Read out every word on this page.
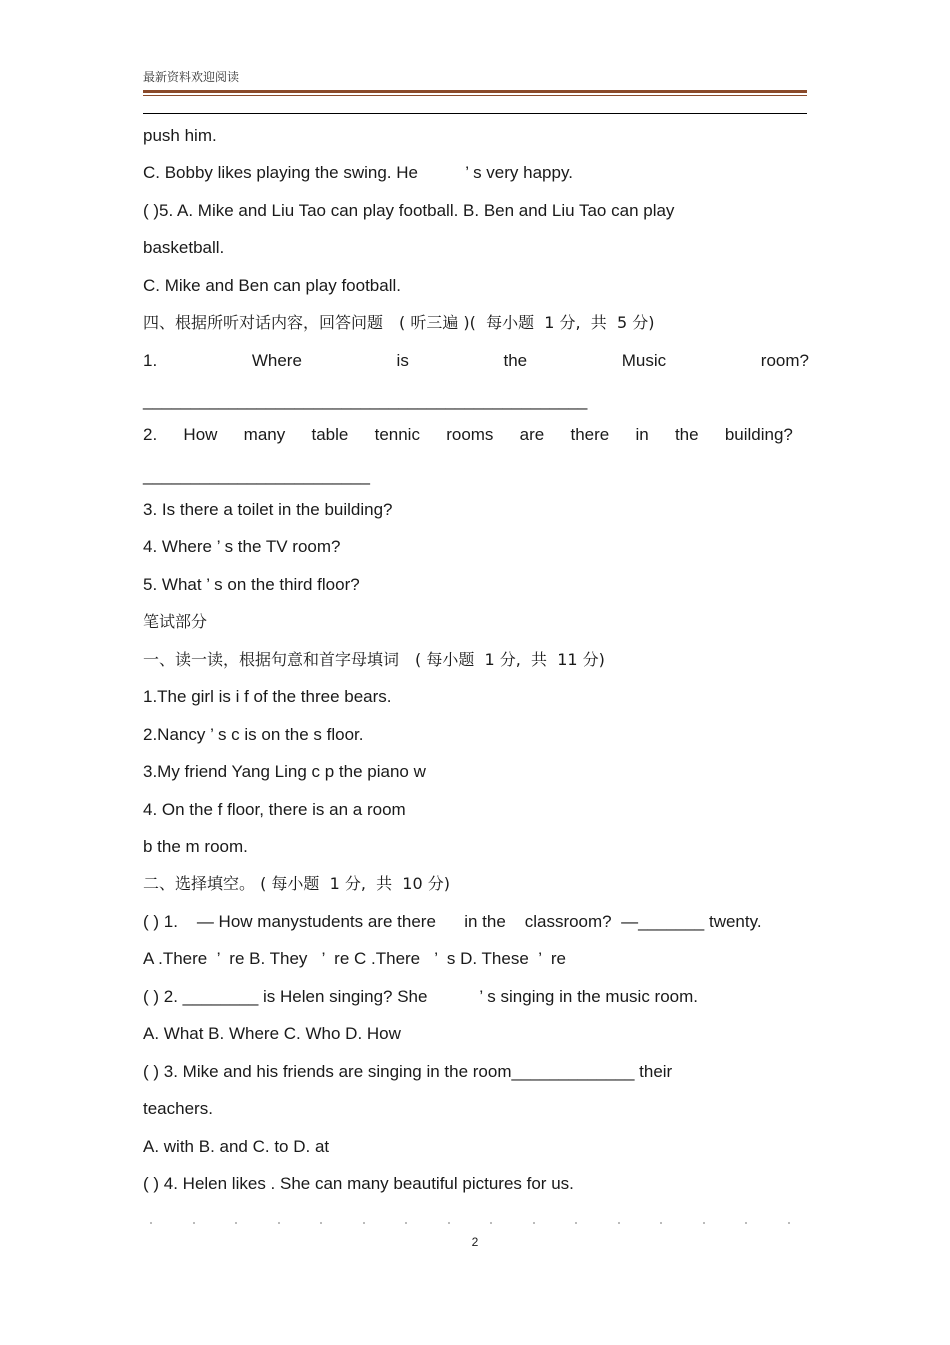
最新资料欢迎阅读
push him.
C. Bobby likes playing the swing. He          ’ s very happy.
( )5. A. Mike and Liu Tao can play football. B. Ben and Liu Tao can play
basketball.
C. Mike and Ben can play football.
四、根据所听对话内容，回答问题　( 听三遍 )(  每小题  1 分,  共  5 分)
1.	Where	is	the	Music	room?
_______________________________________________
2. How many table tennic rooms are there in the building?
________________________
3. Is there a toilet in the building?
4. Where ’ s the TV room?
5. What ’ s on the third floor?
笔试部分
一、读一读，根据句意和首字母填词　( 每小题  1 分,  共  11 分)
1.The girl is i f of the three bears.
2.Nancy ’ s c is on the s floor.
3.My friend Yang Ling c p the piano w
4. On the f floor, there is an a room
b the m room.
二、选择填空。 ( 每小题  1 分,  共  10 分)
( ) 1.    — How manystudents are there      in the    classroom?  —_______ twenty.
A .There  ’  re B. They   ’  re C .There   ’  s D. These  ’  re
( ) 2. ________ is Helen singing? She           ’ s singing in the music room.
A. What B. Where C. Who D. How
( ) 3. Mike and his friends are singing in the room_____________ their
teachers.
A. with B. and C. to D. at
( ) 4. Helen likes . She can many beautiful pictures for us.
2
